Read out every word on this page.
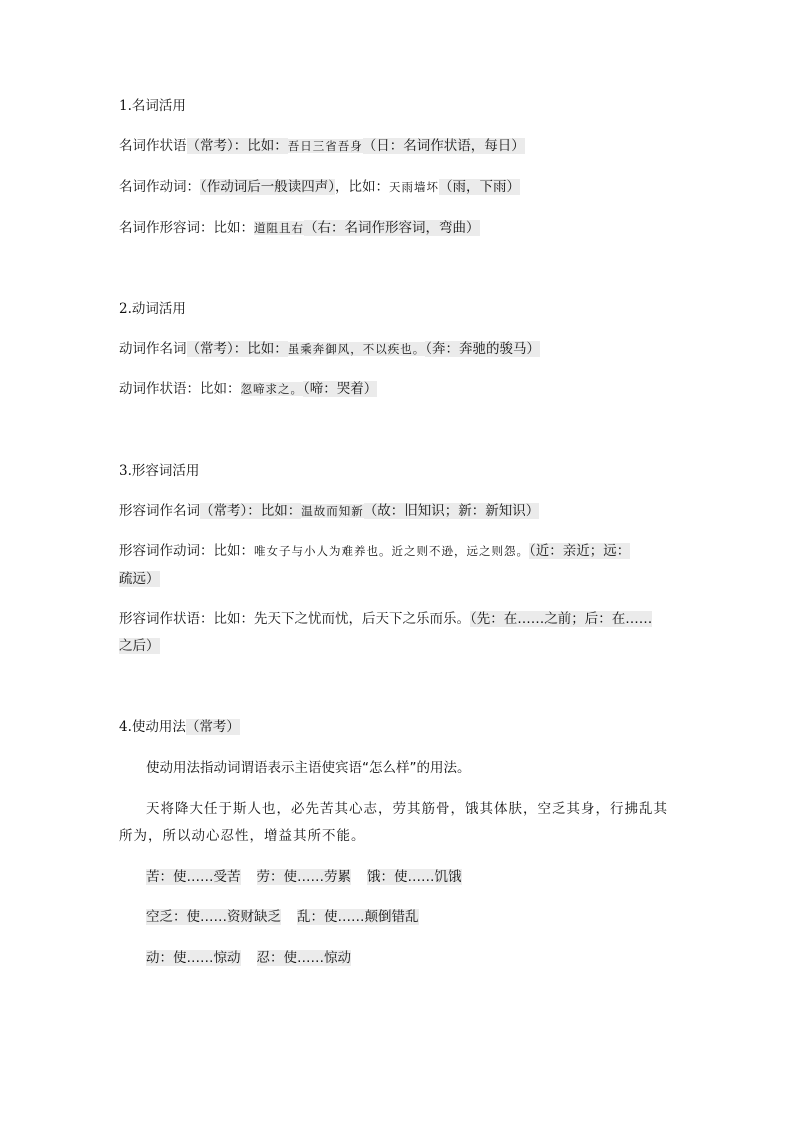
1.名词活用
名词作状语（常考）：比如：吾日三省吾身（日：名词作状语，每日）
名词作动词：（作动词后一般读四声），比如：天雨墙坏（雨，下雨）
名词作形容词：比如：道阻且右（右：名词作形容词，弯曲）
2.动词活用
动词作名词（常考）：比如：虽乘奔御风，不以疾也。（奔：奔驰的骏马）
动词作状语：比如：忽啼求之。（啼：哭着）
3.形容词活用
形容词作名词（常考）：比如：温故而知新（故：旧知识；新：新知识）
形容词作动词：比如：唯女子与小人为难养也。近之则不逊，远之则怨。（近：亲近；远：
疏远）
形容词作状语：比如：先天下之忧而忧，后天下之乐而乐。（先：在……之前；后：在……
之后）
4.使动用法（常考）
使动用法指动词谓语表示主语使宾语“怎么样”的用法。
天将降大任于斯人也，必先苦其心志，劳其筋骨，饿其体肤，空乏其身，行拂乱其所为，所以动心忍性，增益其所不能。
苦：使……受苦 劳：使……劳累 饿：使……饥饿
空乏：使……资财缺乏 乱：使……颠倒错乱
动：使……惊动 忍：使……惊动
